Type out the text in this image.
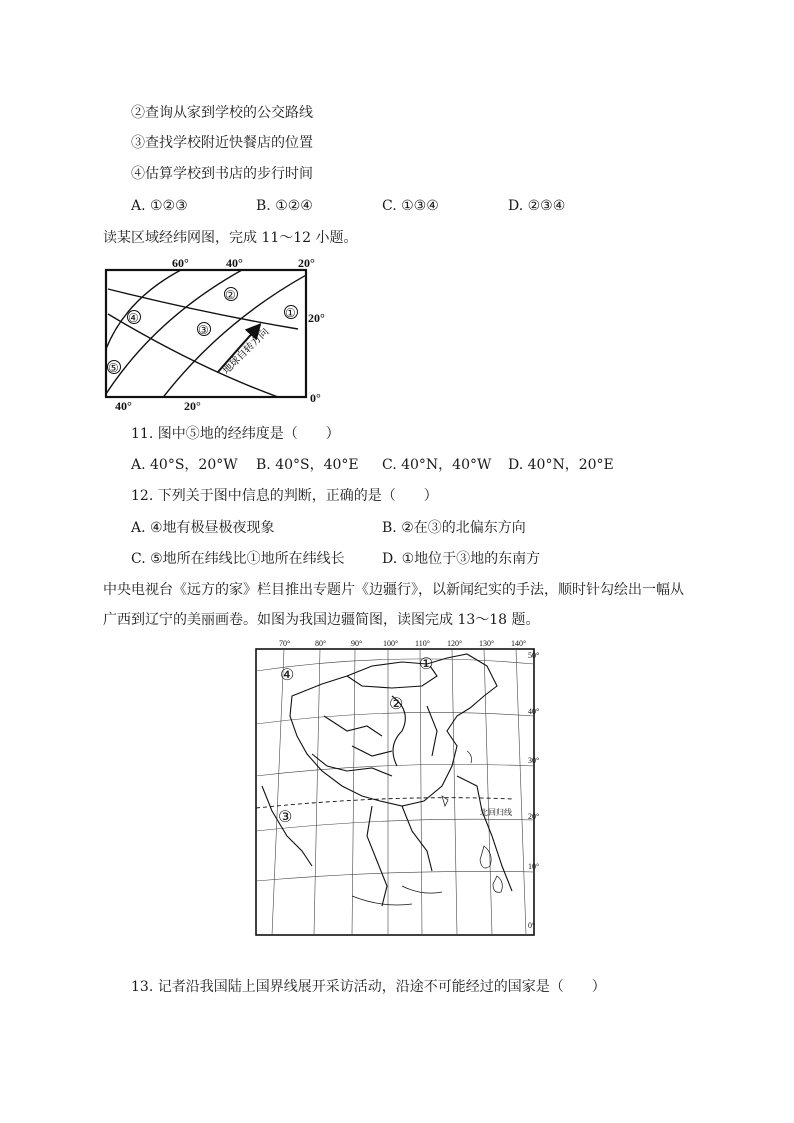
②查询从家到学校的公交路线
③查找学校附近快餐店的位置
④估算学校到书店的步行时间
A. ①②③	B. ①②④	C. ①③④	D. ②③④
读某区域经纬网图，完成 11～12 小题。
地球自转方向
①
②
③
④
⑤
60°	40°	20°
20°
0°
40°	20°
11. 图中⑤地的经纬度是（　　）
A. 40°S，20°W B. 40°S，40°E C. 40°N，40°W D. 40°N，20°E
12. 下列关于图中信息的判断，正确的是（　　）
A. ④地有极昼极夜现象	B. ②在③的北偏东方向
C. ⑤地所在纬线比①地所在纬线长	D. ①地位于③地的东南方
中央电视台《远方的家》栏目推出专题片《边疆行》，以新闻纪实的手法，顺时针勾绘出一幅从
广西到辽宁的美丽画卷。如图为我国边疆简图，读图完成 13～18 题。
70°	80°	90°	100° 110° 120° 130° 140°
50°
40°
30°
20°
10°
0°
北回归线
①
②
③
④
13. 记者沿我国陆上国界线展开采访活动，沿途不可能经过的国家是（　　）
